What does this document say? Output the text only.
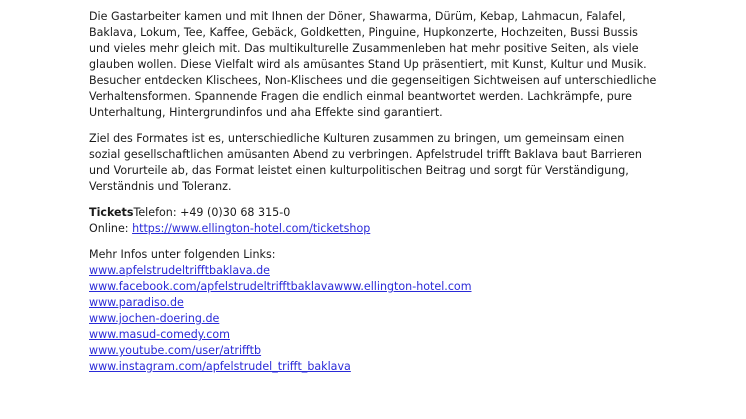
Die Gastarbeiter kamen und mit Ihnen der Döner, Shawarma, Dürüm, Kebap, Lahmacun, Falafel, Baklava, Lokum, Tee, Kaffee, Gebäck, Goldketten, Pinguine, Hupkonzerte, Hochzeiten, Bussi Bussis und vieles mehr gleich mit. Das multikulturelle Zusammenleben hat mehr positive Seiten, als viele glauben wollen. Diese Vielfalt wird als amüsantes Stand Up präsentiert, mit Kunst, Kultur und Musik. Besucher entdecken Klischees, Non-Klischees und die gegenseitigen Sichtweisen auf unterschiedliche Verhaltensformen. Spannende Fragen die endlich einmal beantwortet werden. Lachkrämpfe, pure Unterhaltung, Hintergrundinfos und aha Effekte sind garantiert.

Ziel des Formates ist es, unterschiedliche Kulturen zusammen zu bringen, um gemeinsam einen sozial gesellschaftlichen amüsanten Abend zu verbringen. Apfelstrudel trifft Baklava baut Barrieren und Vorurteile ab, das Format leistet einen kulturpolitischen Beitrag und sorgt für Verständigung, Verständnis und Toleranz.

TicketsTelefon: +49 (0)30 68 315-0
Online: https://www.ellington-hotel.com/ticketshop
Mehr Infos unter folgenden Links:
www.apfelstrudeltrifftbaklava.de
www.facebook.com/apfelstrudeltrifftbaklavawww.ellington-hotel.com
www.paradiso.de
www.jochen-doering.de
www.masud-comedy.com
www.youtube.com/user/atrifftb
www.instagram.com/apfelstrudel_trifft_baklava
